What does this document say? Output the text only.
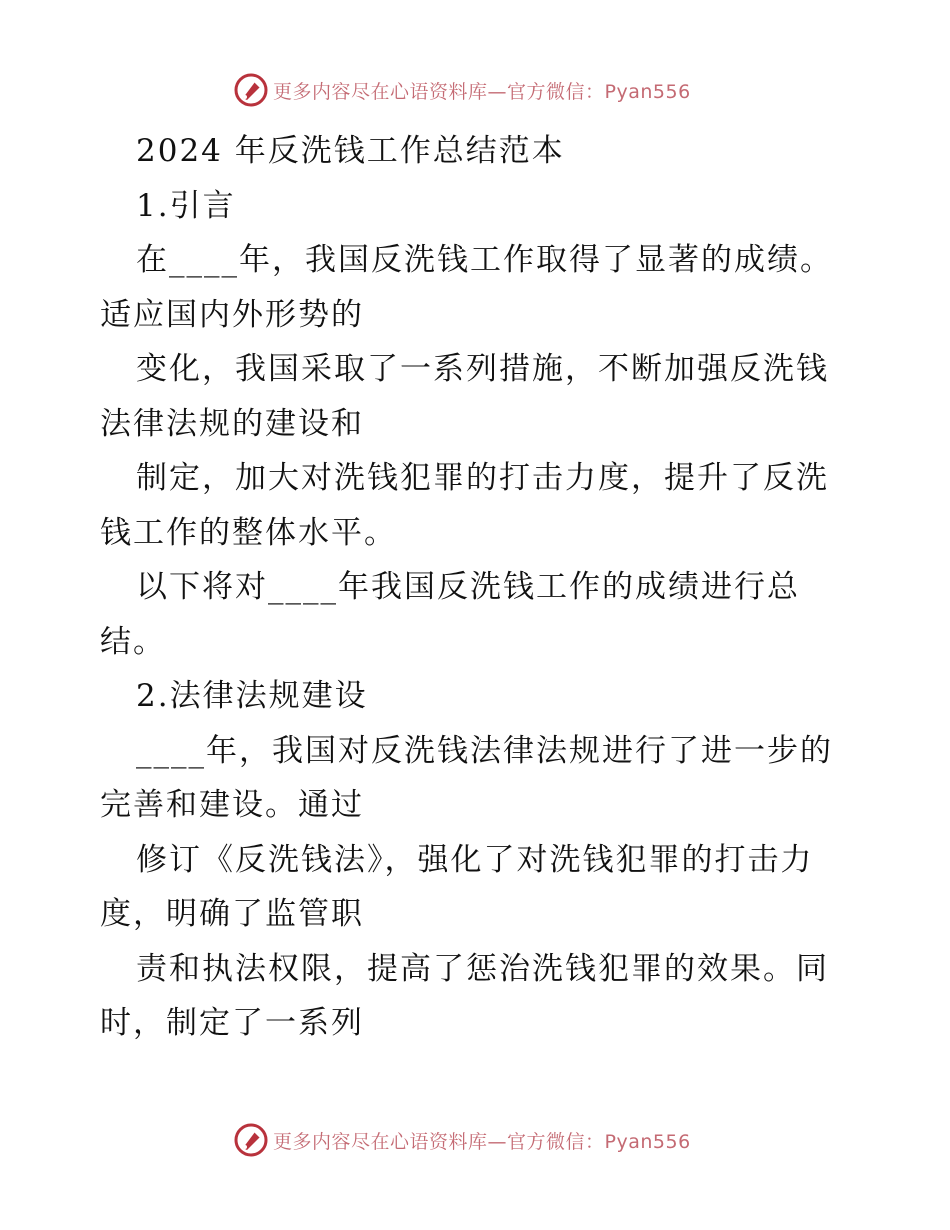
更多内容尽在心语资料库—官方微信：Pyan556
2024 年反洗钱工作总结范本
1.引言
在____年，我国反洗钱工作取得了显著的成绩。
适应国内外形势的
变化，我国采取了一系列措施，不断加强反洗钱
法律法规的建设和
制定，加大对洗钱犯罪的打击力度，提升了反洗
钱工作的整体水平。
以下将对____年我国反洗钱工作的成绩进行总
结。
2.法律法规建设
____年，我国对反洗钱法律法规进行了进一步的
完善和建设。通过
修订《反洗钱法》，强化了对洗钱犯罪的打击力
度，明确了监管职
责和执法权限，提高了惩治洗钱犯罪的效果。同
时，制定了一系列
更多内容尽在心语资料库—官方微信：Pyan556
